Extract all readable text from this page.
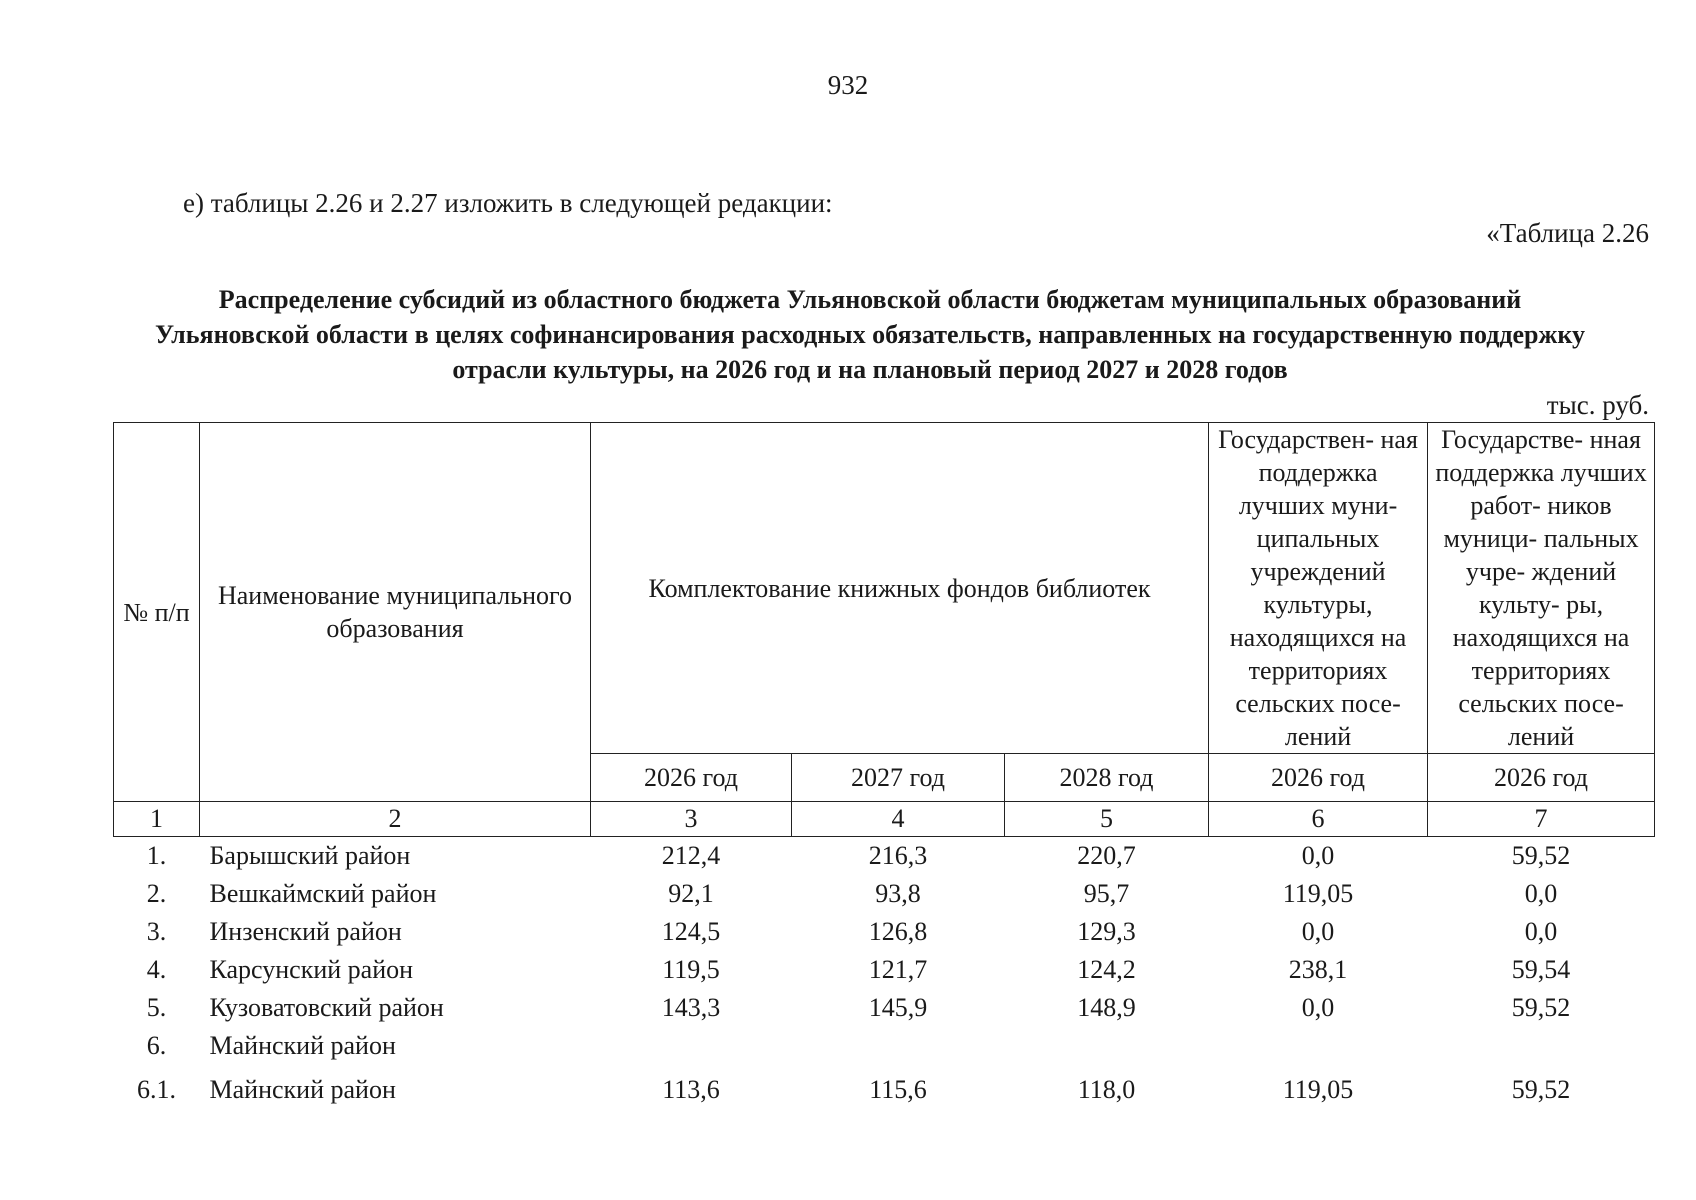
932
е) таблицы 2.26 и 2.27 изложить в следующей редакции:
«Таблица 2.26
Распределение субсидий из областного бюджета Ульяновской области бюджетам муниципальных образований Ульяновской области в целях софинансирования расходных обязательств, направленных на государственную поддержку отрасли культуры, на 2026 год и на плановый период 2027 и 2028 годов
тыс. руб.
№ п/п	Наименование муниципального образования	Комплектование книжных фондов библиотек			Государствен- ная поддержка лучших муни- ципальных учреждений культуры, находящихся на территориях сельских посе- лений	Государстве- нная поддержка лучших работ- ников муници- пальных учре- ждений культу- ры, находящихся на территориях сельских посе- лений
		2026 год	2027 год	2028 год	2026 год	2026 год
1	2	3	4	5	6	7
1.	Барышский район	212,4	216,3	220,7	0,0	59,52
2.	Вешкаймский район	92,1	93,8	95,7	119,05	0,0
3.	Инзенский район	124,5	126,8	129,3	0,0	0,0
4.	Карсунский район	119,5	121,7	124,2	238,1	59,54
5.	Кузоватовский район	143,3	145,9	148,9	0,0	59,52
6.	Майнский район					
6.1.	Майнский район	113,6	115,6	118,0	119,05	59,52
